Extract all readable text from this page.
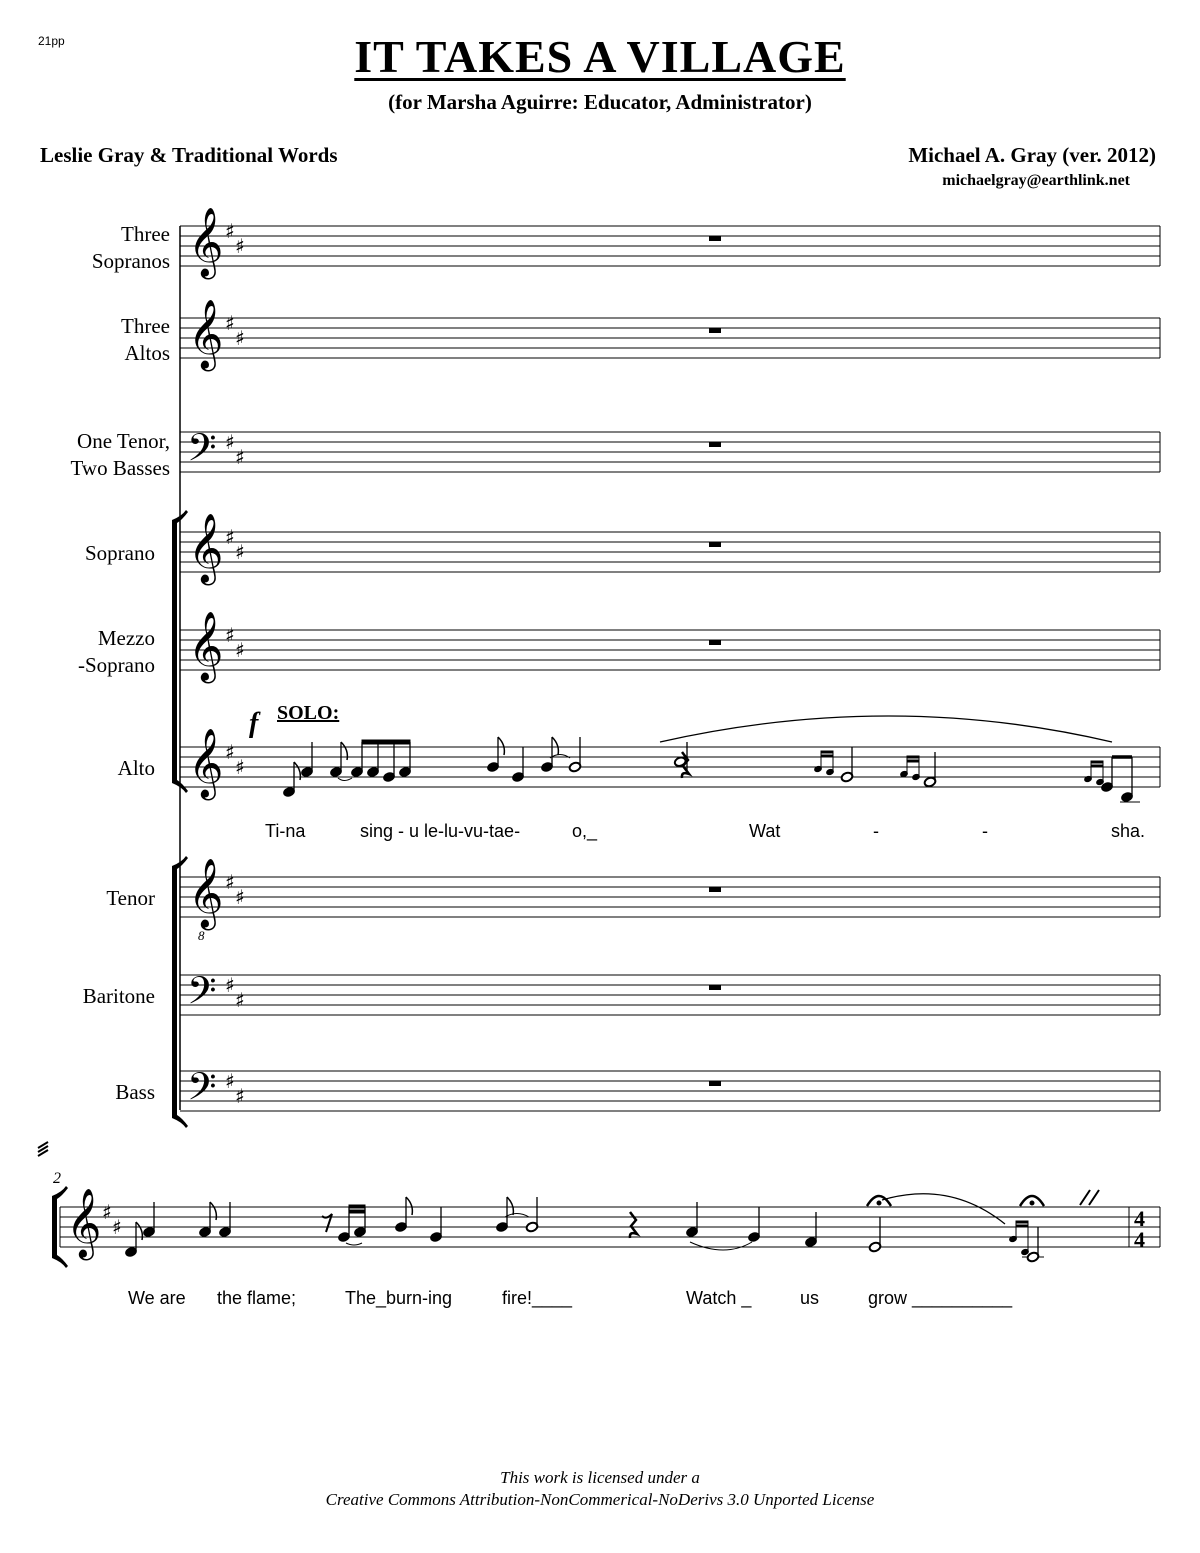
21pp	IT TAKES A VILLAGE
(for Marsha Aguirre: Educator, Administrator)
Leslie Gray & Traditional Words	Michael A. Gray (ver. 2012)
michaelgray@earthlink.net
Three
Sopranos
Three
Altos
One Tenor,
Two Basses
Soprano
Mezzo
-Soprano
Alto
Tenor
Baritone
Bass
𝄞
𝄞
𝄢
𝄞
𝄞
𝄞
𝄞
8
𝄢
𝄢
𝄞
♯
♯
♯
♯
♯
♯
♯
♯
♯
♯
♯
♯
♯
♯
♯
♯
♯
♯
♯
♯	4
4
f SOLO:
2
Ti-na	sing - u le-lu-vu-tae-	o,_	Wat	-	-	sha.
We are the flame;	The_burn-ing	fire!____	Watch _	us	grow __________
This work is licensed under a
Creative Commons Attribution-NonCommerical-NoDerivs 3.0 Unported License
